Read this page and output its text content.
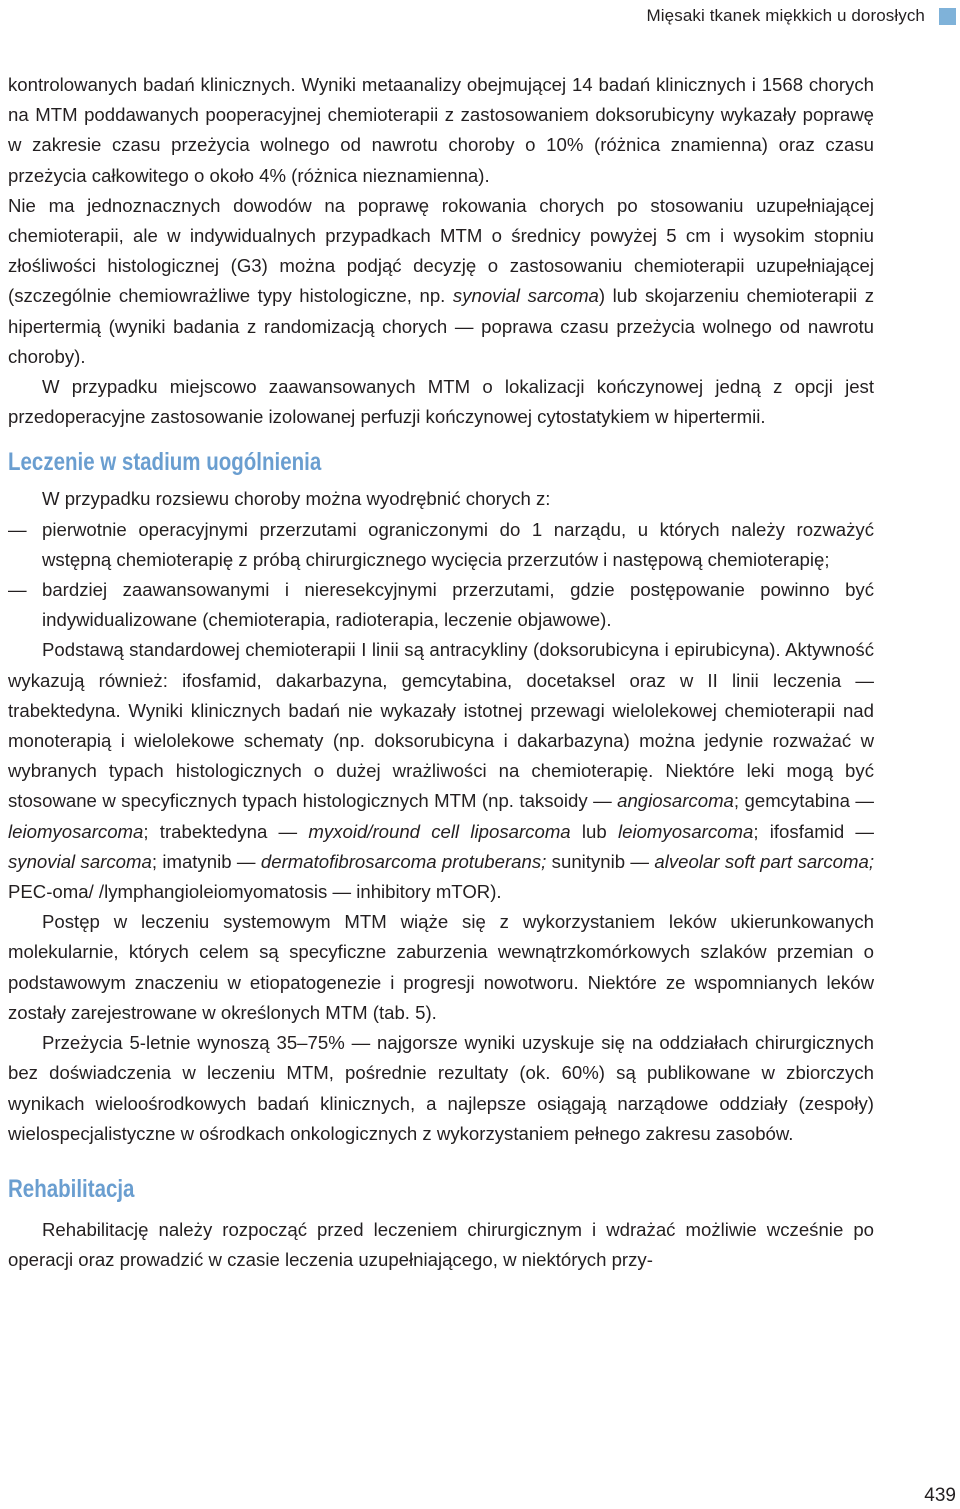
Mięsaki tkanek miękkich u dorosłych

kontrolowanych badań klinicznych. Wyniki metaanalizy obejmującej 14 badań klinicznych i 1568 chorych na MTM poddawanych pooperacyjnej chemioterapii z zastosowaniem doksorubicyny wykazały poprawę w zakresie czasu przeżycia wolnego od nawrotu choroby o 10% (różnica znamienna) oraz czasu przeżycia całkowitego o około 4% (różnica nieznamienna).

Nie ma jednoznacznych dowodów na poprawę rokowania chorych po stosowaniu uzupełniającej chemioterapii, ale w indywidualnych przypadkach MTM o średnicy powyżej 5 cm i wysokim stopniu złośliwości histologicznej (G3) można podjąć decyzję o zastosowaniu chemioterapii uzupełniającej (szczególnie chemiowrażliwe typy histologiczne, np. synovial sarcoma) lub skojarzeniu chemioterapii z hipertermią (wyniki badania z randomizacją chorych — poprawa czasu przeżycia wolnego od nawrotu choroby).

W przypadku miejscowo zaawansowanych MTM o lokalizacji kończynowej jedną z opcji jest przedoperacyjne zastosowanie izolowanej perfuzji kończynowej cytostatykiem w hipertermii.

Leczenie w stadium uogólnienia

W przypadku rozsiewu choroby można wyodrębnić chorych z:

— pierwotnie operacyjnymi przerzutami ograniczonymi do 1 narządu, u których należy rozważyć wstępną chemioterapię z próbą chirurgicznego wycięcia przerzutów i następową chemioterapię;

— bardziej zaawansowanymi i nieresekcyjnymi przerzutami, gdzie postępowanie powinno być indywidualizowane (chemioterapia, radioterapia, leczenie objawowe).

Podstawą standardowej chemioterapii I linii są antracykliny (doksorubicyna i epirubicyna). Aktywność wykazują również: ifosfamid, dakarbazyna, gemcytabina, docetaksel oraz w II linii leczenia — trabektedyna. Wyniki klinicznych badań nie wykazały istotnej przewagi wielolekowej chemioterapii nad monoterapią i wielolekowe schematy (np. doksorubicyna i dakarbazyna) można jedynie rozważać w wybranych typach histologicznych o dużej wrażliwości na chemioterapię. Niektóre leki mogą być stosowane w specyficznych typach histologicznych MTM (np. taksoidy — angiosarcoma; gemcytabina — leiomyosarcoma; trabektedyna — myxoid/round cell liposarcoma lub leiomyosarcoma; ifosfamid — synovial sarcoma; imatynib — dermatofibrosarcoma protuberans; sunitynib — alveolar soft part sarcoma; PEC-oma/ /lymphangioleiomyomatosis — inhibitory mTOR).

Postęp w leczeniu systemowym MTM wiąże się z wykorzystaniem leków ukierunkowanych molekularnie, których celem są specyficzne zaburzenia wewnątrzkomórkowych szlaków przemian o podstawowym znaczeniu w etiopatogenezie i progresji nowotworu. Niektóre ze wspomnianych leków zostały zarejestrowane w określonych MTM (tab. 5).

Przeżycia 5-letnie wynoszą 35–75% — najgorsze wyniki uzyskuje się na oddziałach chirurgicznych bez doświadczenia w leczeniu MTM, pośrednie rezultaty (ok. 60%) są publikowane w zbiorczych wynikach wieloośrodkowych badań klinicznych, a najlepsze osiągają narządowe oddziały (zespoły) wielospecjalistyczne w ośrodkach onkologicznych z wykorzystaniem pełnego zakresu zasobów.

Rehabilitacja

Rehabilitację należy rozpocząć przed leczeniem chirurgicznym i wdrażać możliwie wcześnie po operacji oraz prowadzić w czasie leczenia uzupełniającego, w niektórych przy-

439
